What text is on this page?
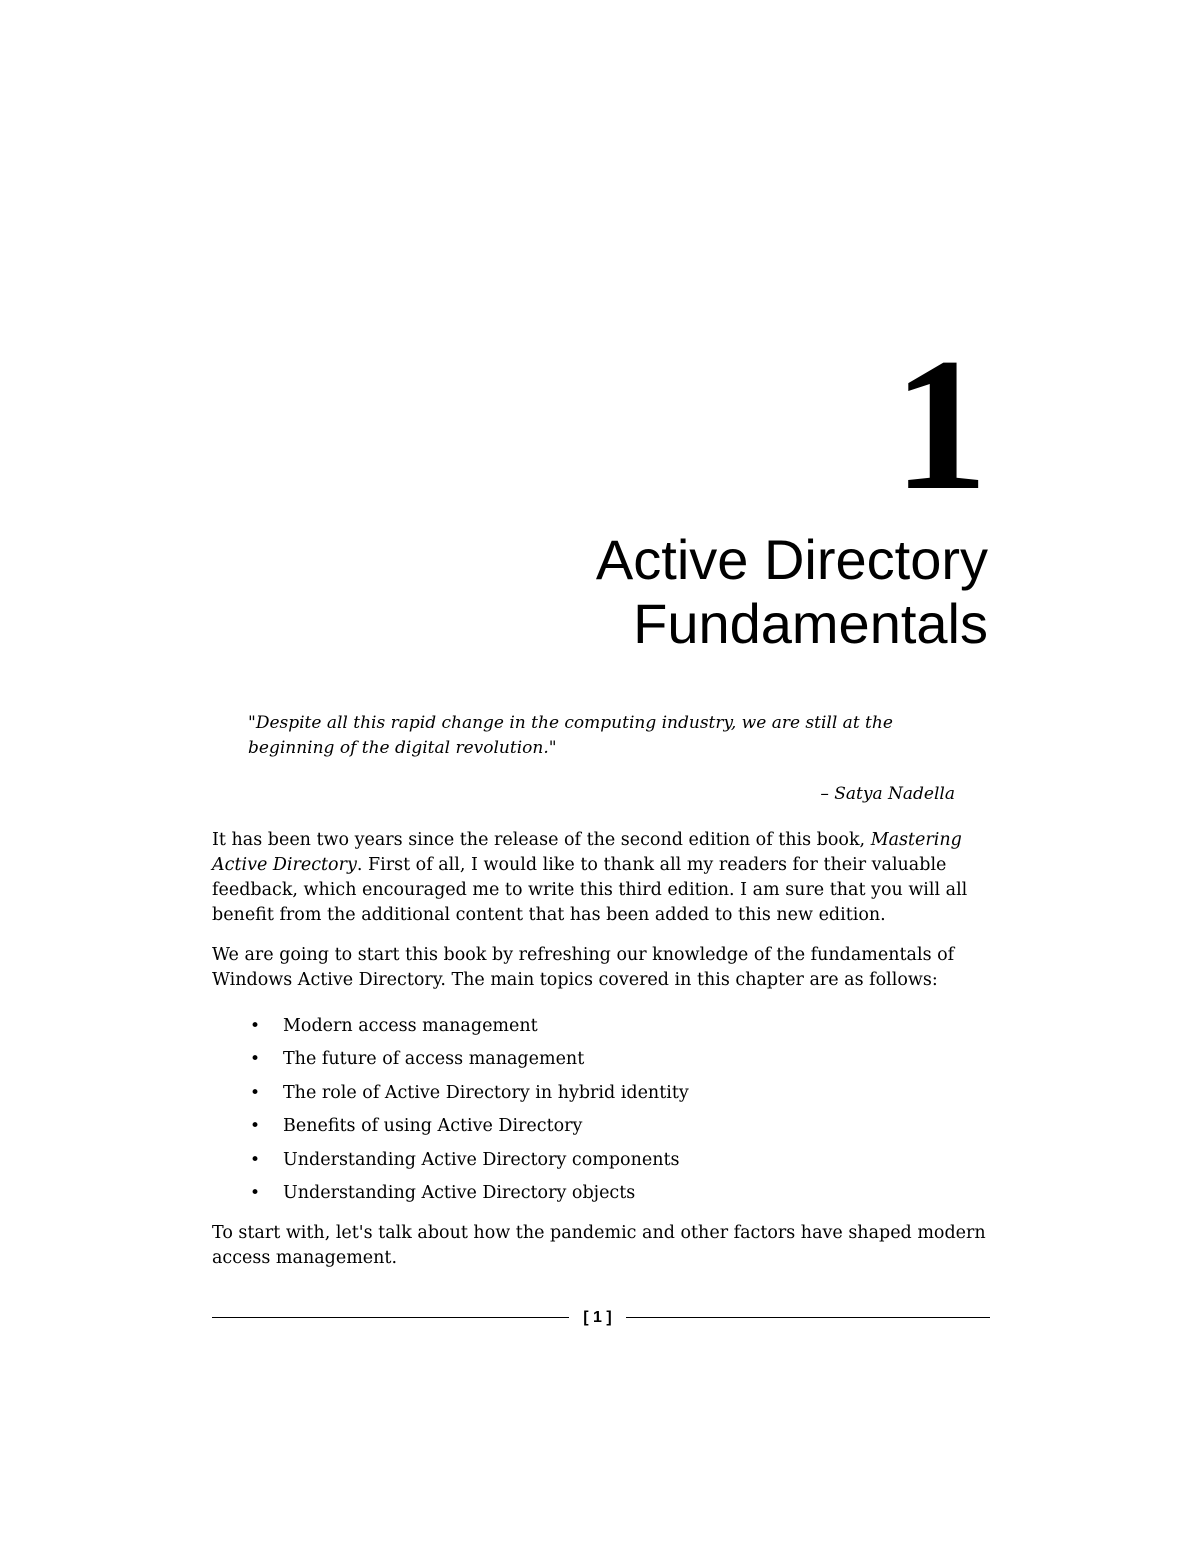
1
Active Directory
Fundamentals

"Despite all this rapid change in the computing industry, we are still at the beginning of the digital revolution."

– Satya Nadella

It has been two years since the release of the second edition of this book, Mastering Active Directory. First of all, I would like to thank all my readers for their valuable feedback, which encouraged me to write this third edition. I am sure that you will all benefit from the additional content that has been added to this new edition.

We are going to start this book by refreshing our knowledge of the fundamentals of Windows Active Directory. The main topics covered in this chapter are as follows:

• Modern access management
• The future of access management
• The role of Active Directory in hybrid identity
• Benefits of using Active Directory
• Understanding Active Directory components
• Understanding Active Directory objects

To start with, let's talk about how the pandemic and other factors have shaped modern access management.

[ 1 ]
